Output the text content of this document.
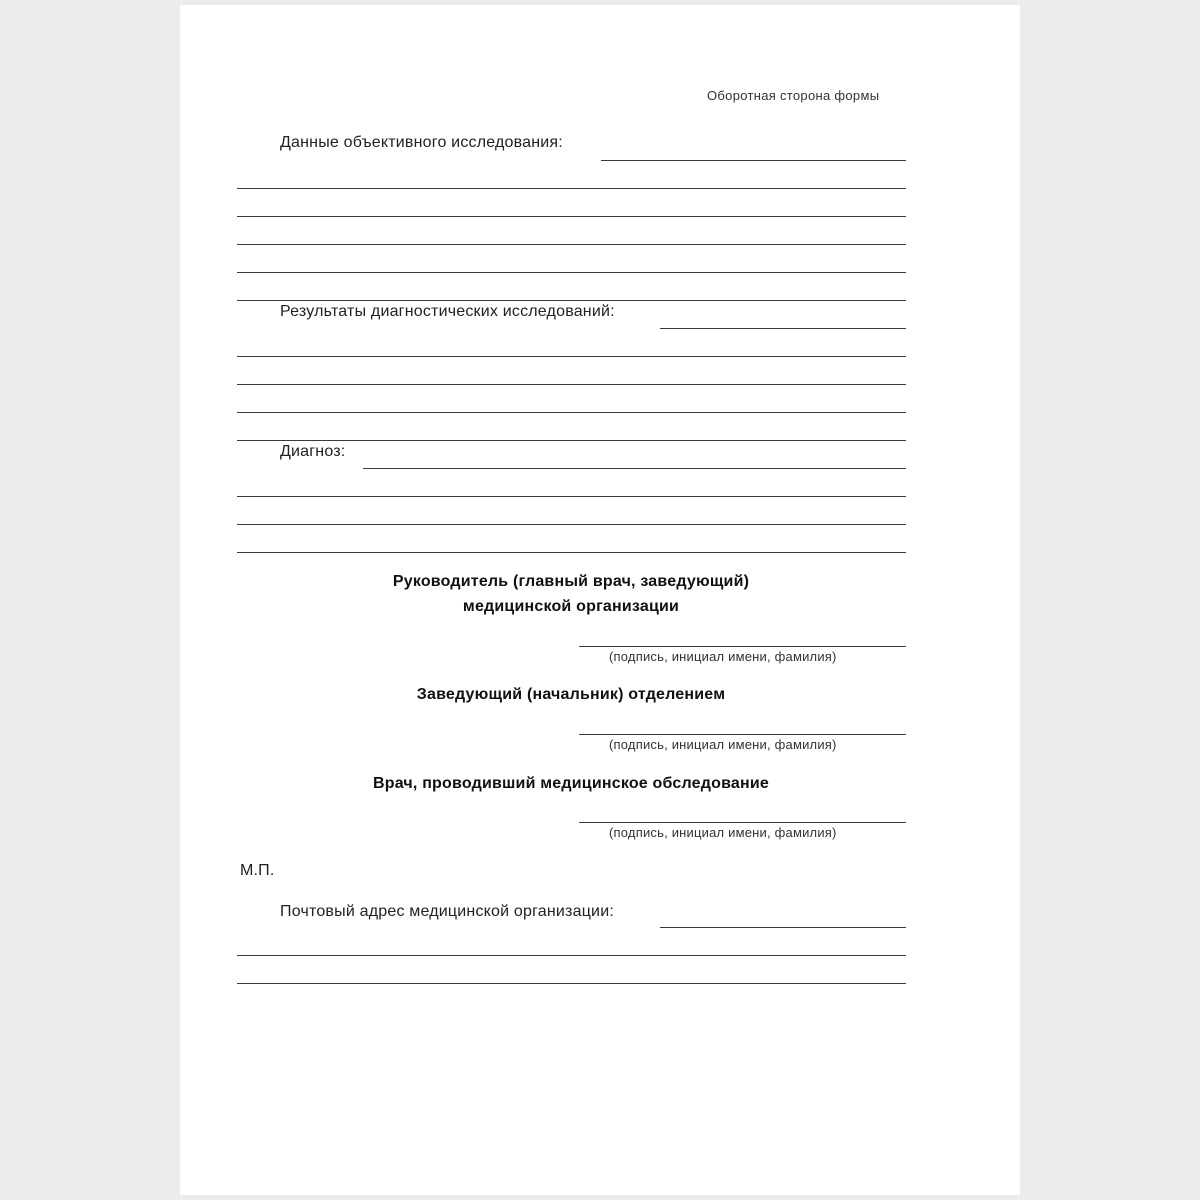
Оборотная сторона формы
Данные объективного исследования:
Результаты диагностических исследований:
Диагноз:
Руководитель (главный врач, заведующий)
медицинской организации
(подпись, инициал имени, фамилия)
Заведующий (начальник) отделением
(подпись, инициал имени, фамилия)
Врач, проводивший медицинское обследование
(подпись, инициал имени, фамилия)
М.П.
Почтовый адрес медицинской организации:
